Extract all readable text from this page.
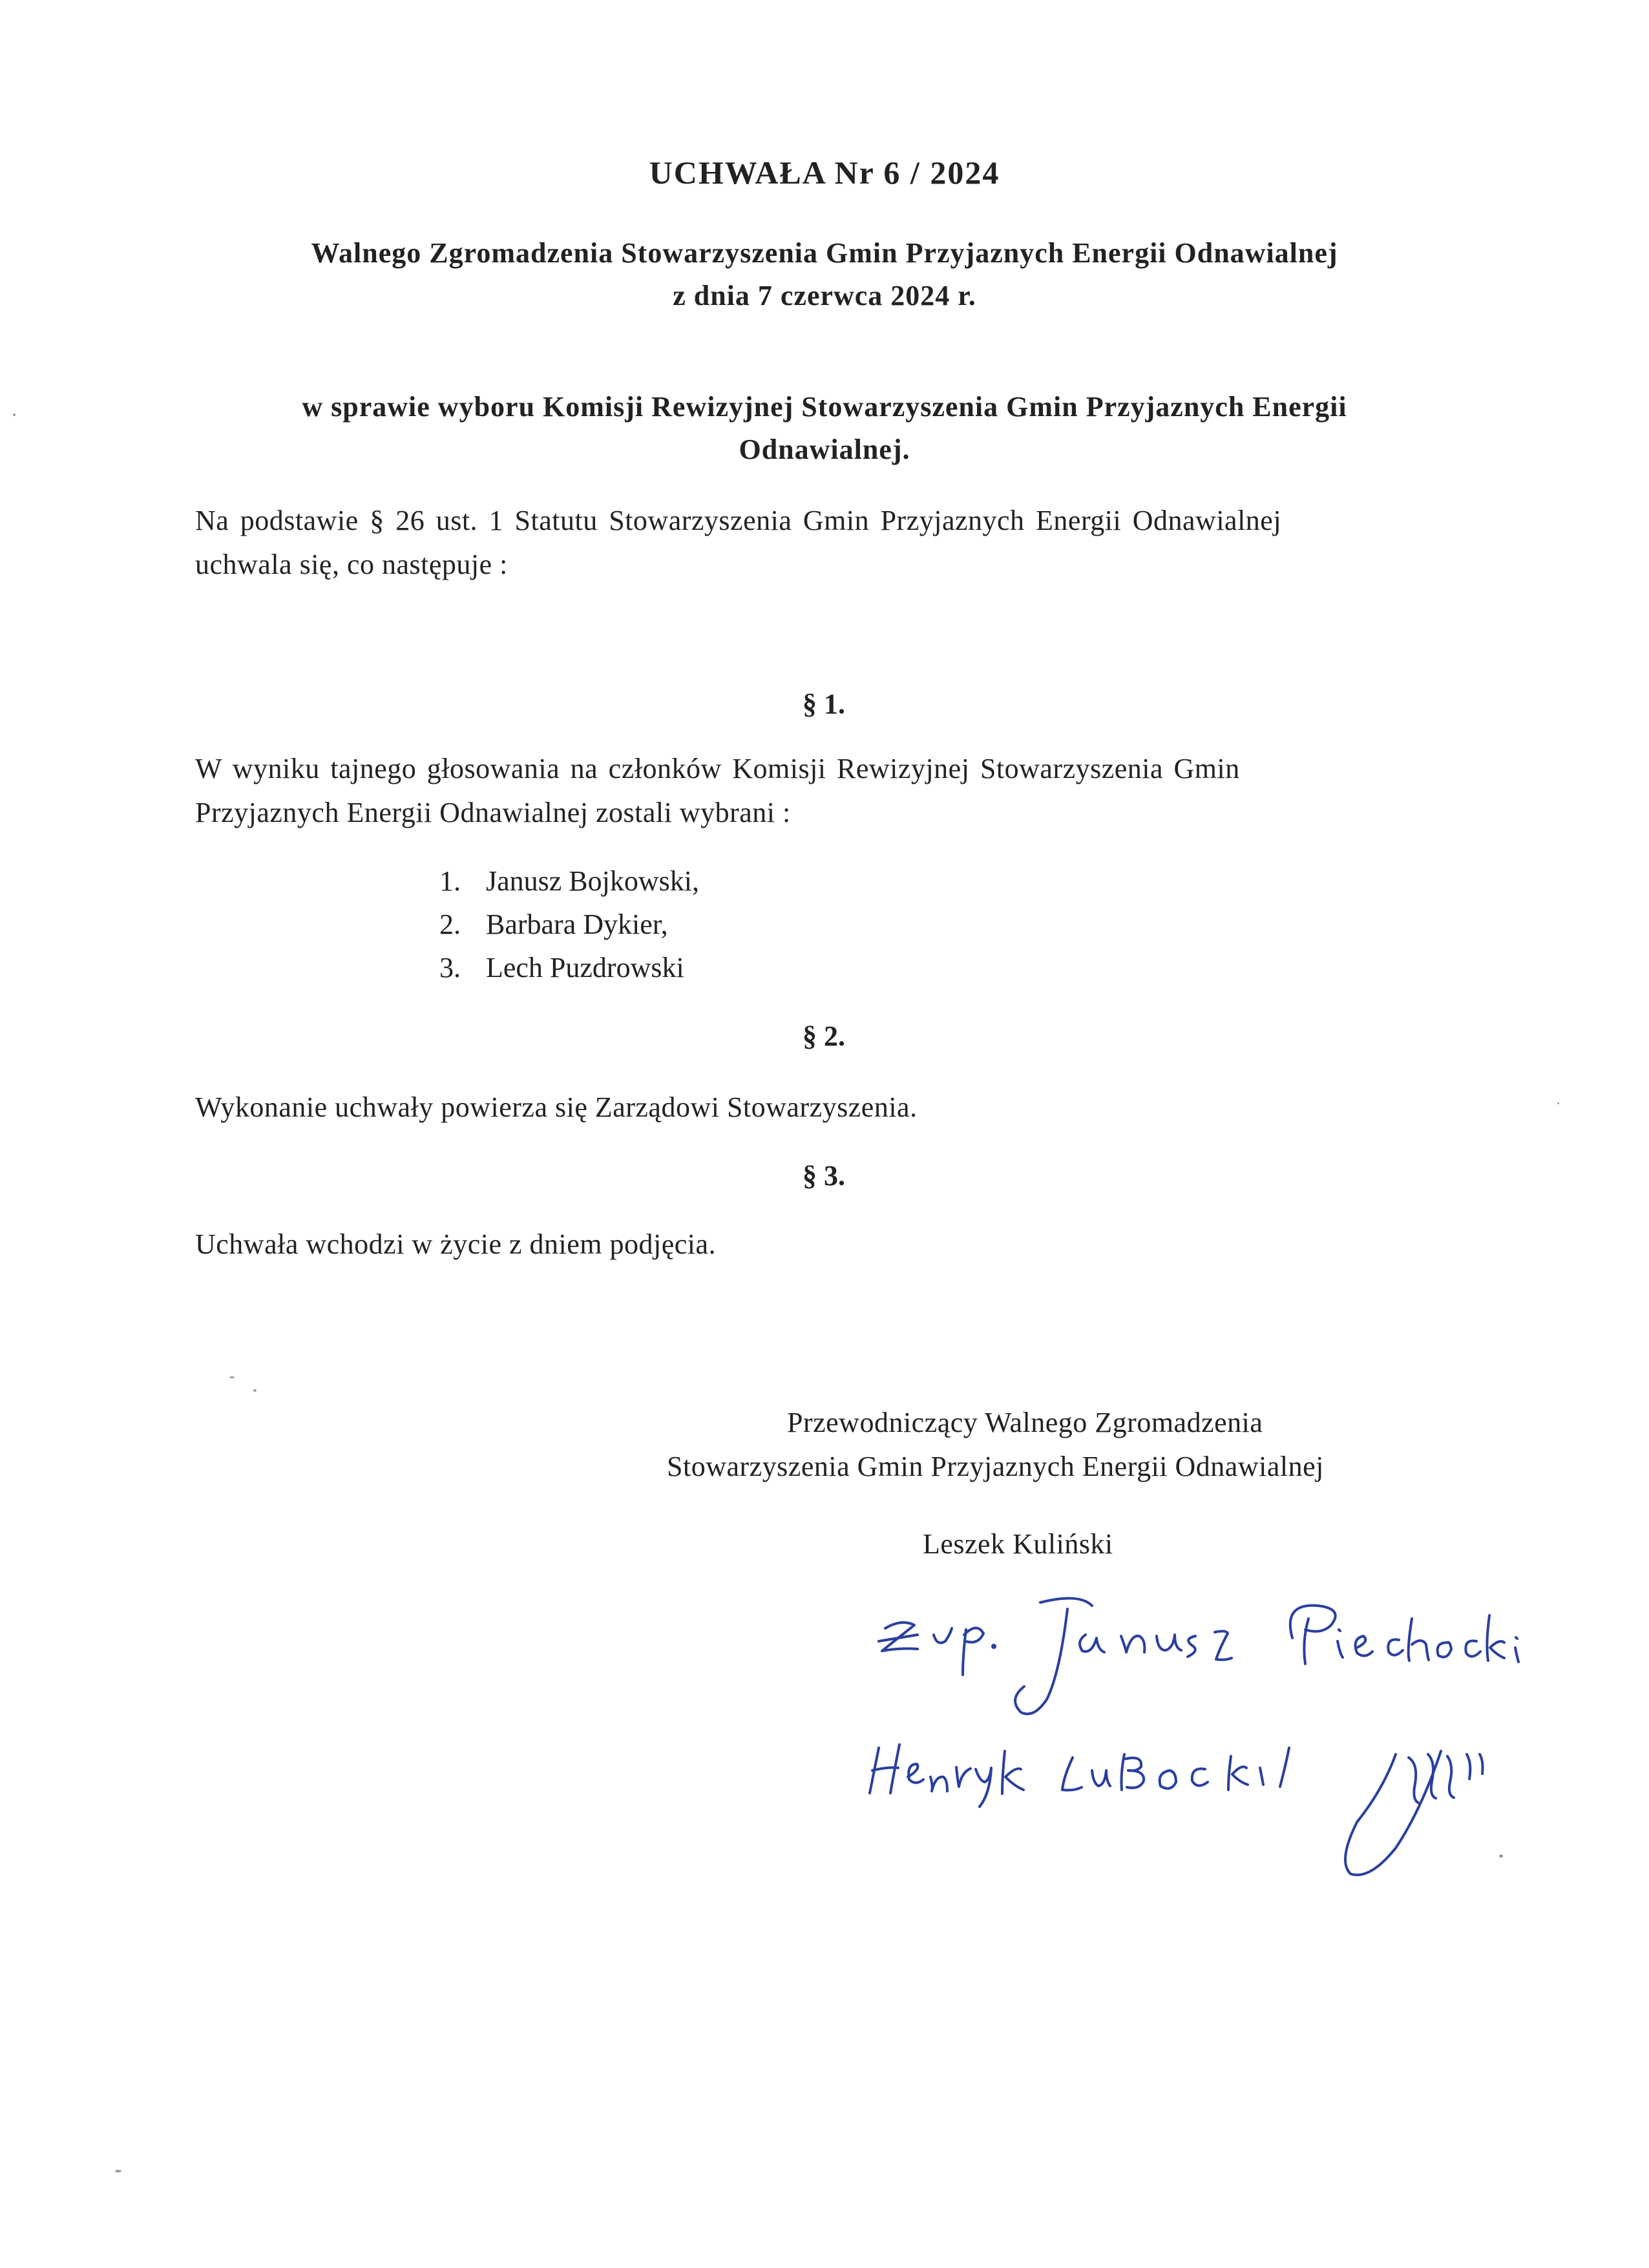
UCHWAŁA Nr 6 / 2024

Walnego Zgromadzenia Stowarzyszenia Gmin Przyjaznych Energii Odnawialnej

z dnia 7 czerwca 2024 r.

w sprawie wyboru Komisji Rewizyjnej Stowarzyszenia Gmin Przyjaznych Energii

Odnawialnej.

Na podstawie § 26 ust. 1 Statutu Stowarzyszenia Gmin Przyjaznych Energii Odnawialnej

uchwala się, co następuje :

§ 1.

W wyniku tajnego głosowania na członków Komisji Rewizyjnej Stowarzyszenia Gmin

Przyjaznych Energii Odnawialnej zostali wybrani :

1. Janusz Bojkowski,
2. Barbara Dykier,
3. Lech Puzdrowski

§ 2.

Wykonanie uchwały powierza się Zarządowi Stowarzyszenia.

§ 3.

Uchwała wchodzi w życie z dniem podjęcia.

Przewodniczący Walnego Zgromadzenia

Stowarzyszenia Gmin Przyjaznych Energii Odnawialnej

Leszek Kuliński
